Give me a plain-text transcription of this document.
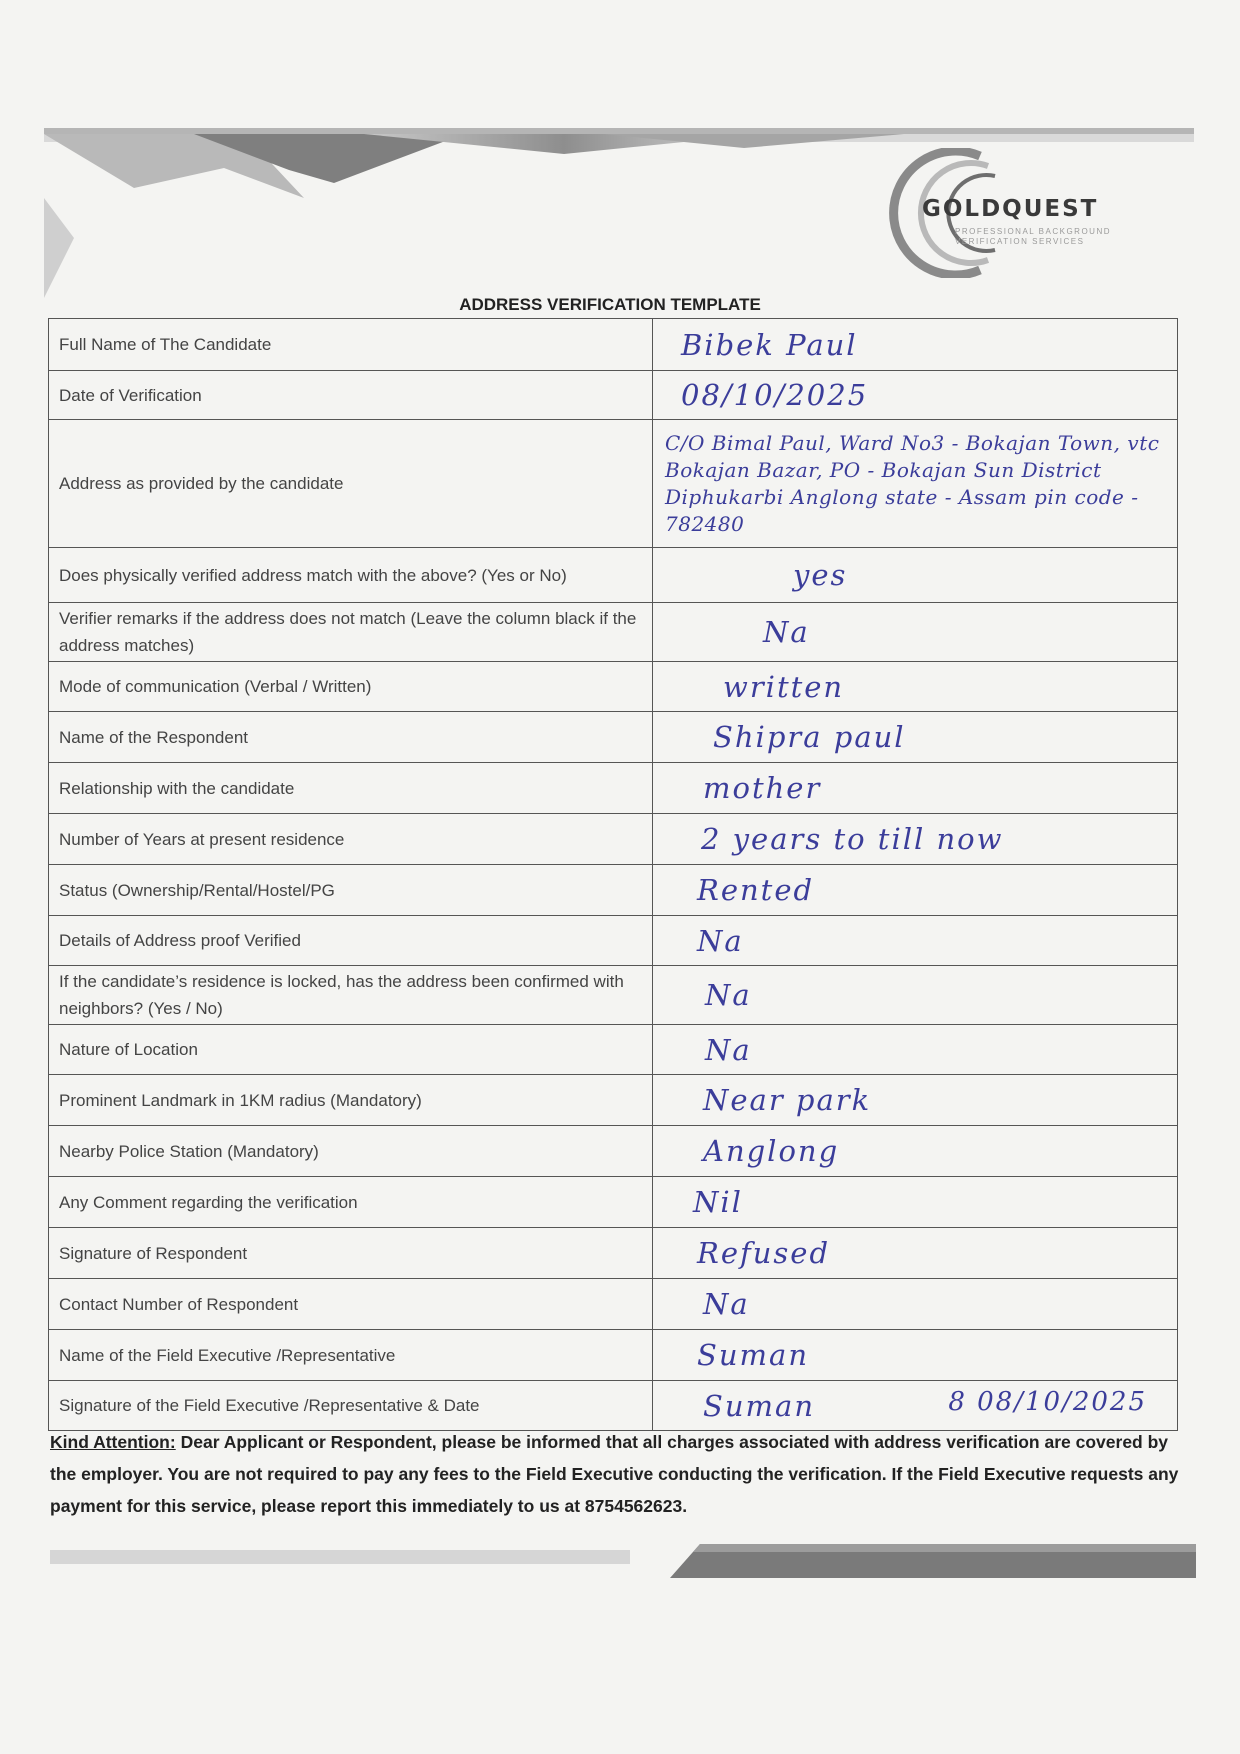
GOLDQUEST
PROFESSIONAL BACKGROUND VERIFICATION SERVICES
ADDRESS VERIFICATION TEMPLATE
Full Name of The Candidate	Bibek Paul
Date of Verification	08/10/2025
Address as provided by the candidate	C/O Bimal Paul, Ward No3 - Bokajan Town, vtc Bokajan Bazar, PO - Bokajan Sun District Diphukarbi Anglong state - Assam pin code - 782480
Does physically verified address match with the above? (Yes or No)	yes
Verifier remarks if the address does not match (Leave the column black if the address matches)	Na
Mode of communication (Verbal / Written)	written
Name of the Respondent	Shipra paul
Relationship with the candidate	mother
Number of Years at present residence	2 years to till now
Status (Ownership/Rental/Hostel/PG	Rented
Details of Address proof Verified	Na
If the candidate’s residence is locked, has the address been confirmed with neighbors? (Yes / No)	Na
Nature of Location	Na
Prominent Landmark in 1KM radius (Mandatory)	Near park
Nearby Police Station (Mandatory)	Anglong
Any Comment regarding the verification	Nil
Signature of Respondent	Refused
Contact Number of Respondent	Na
Name of the Field Executive /Representative	Suman
Signature of the Field Executive /Representative & Date	Suman 8 08/10/2025
Kind Attention: Dear Applicant or Respondent, please be informed that all charges associated with address verification are covered by the employer. You are not required to pay any fees to the Field Executive conducting the verification. If the Field Executive requests any payment for this service, please report this immediately to us at 8754562623.
